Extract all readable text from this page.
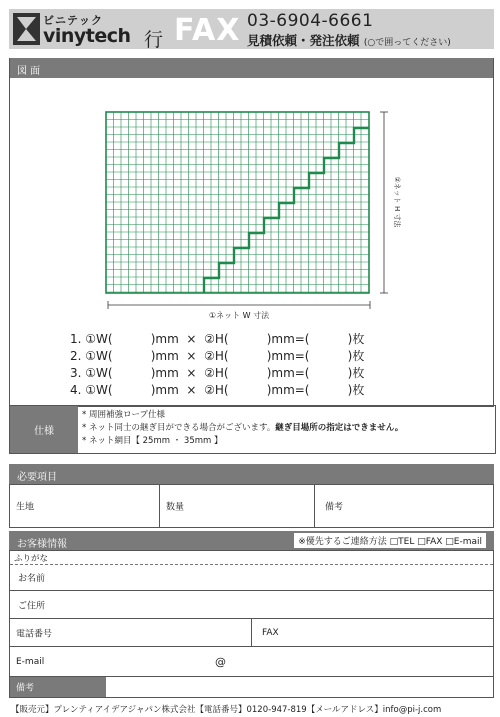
ビニテック
vinytech 行 FAX 03-6904-6661
見積依頼・発注依頼 (○で囲ってください)
図 面
①ネット W 寸法
②ネット H 寸法
1. ①W(          )mm  ×  ②H(          )mm=(          )枚
2. ①W(          )mm  ×  ②H(          )mm=(          )枚
3. ①W(          )mm  ×  ②H(          )mm=(          )枚
4. ①W(          )mm  ×  ②H(          )mm=(          )枚
仕様
* 周囲補強ロープ仕様
* ネット同士の継ぎ目ができる場合がございます。継ぎ目場所の指定はできません。
* ネット網目【 25mm ・ 35mm 】
必要項目
生地	数量	備考
お客様情報	※優先するご連絡方法 □TEL □FAX □E-mail
ふりがな
お名前
ご住所
電話番号	FAX
E-mail	@
備考
【販売元】プレンティアイデアジャパン株式会社【電話番号】0120-947-819【メールアドレス】info@pi-j.com
